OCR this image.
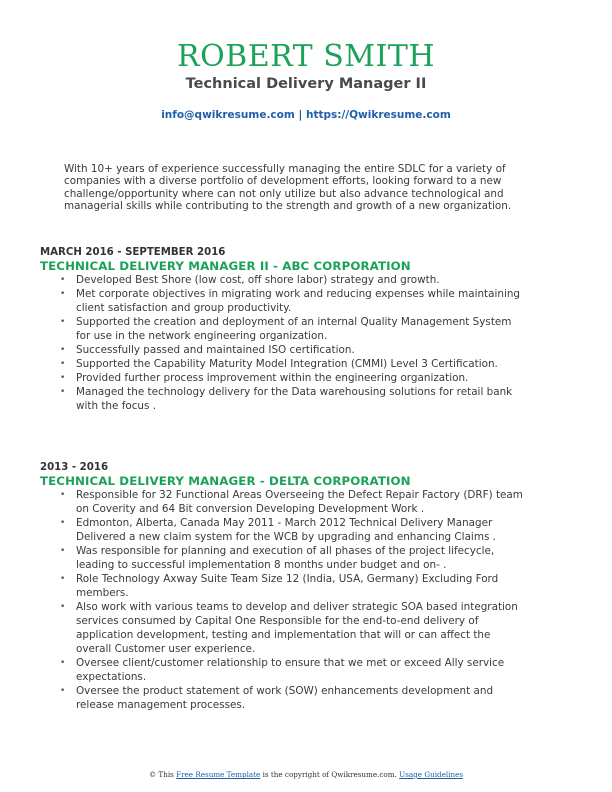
ROBERT SMITH
Technical Delivery Manager II
info@qwikresume.com | https://Qwikresume.com
With 10+ years of experience successfully managing the entire SDLC for a variety of companies with a diverse portfolio of development efforts, looking forward to a new challenge/opportunity where can not only utilize but also advance technological and managerial skills while contributing to the strength and growth of a new organization.
MARCH 2016 - SEPTEMBER 2016
TECHNICAL DELIVERY MANAGER II - ABC CORPORATION
• Developed Best Shore (low cost, off shore labor) strategy and growth.
• Met corporate objectives in migrating work and reducing expenses while maintaining client satisfaction and group productivity.
• Supported the creation and deployment of an internal Quality Management System for use in the network engineering organization.
• Successfully passed and maintained ISO certification.
• Supported the Capability Maturity Model Integration (CMMI) Level 3 Certification.
• Provided further process improvement within the engineering organization.
• Managed the technology delivery for the Data warehousing solutions for retail bank with the focus .
2013 - 2016
TECHNICAL DELIVERY MANAGER - DELTA CORPORATION
• Responsible for 32 Functional Areas Overseeing the Defect Repair Factory (DRF) team on Coverity and 64 Bit conversion Developing Development Work .
• Edmonton, Alberta, Canada May 2011 - March 2012 Technical Delivery Manager Delivered a new claim system for the WCB by upgrading and enhancing Claims .
• Was responsible for planning and execution of all phases of the project lifecycle, leading to successful implementation 8 months under budget and on- .
• Role Technology Axway Suite Team Size 12 (India, USA, Germany) Excluding Ford members.
• Also work with various teams to develop and deliver strategic SOA based integration services consumed by Capital One Responsible for the end-to-end delivery of application development, testing and implementation that will or can affect the overall Customer user experience.
• Oversee client/customer relationship to ensure that we met or exceed Ally service expectations.
• Oversee the product statement of work (SOW) enhancements development and release management processes.
© This Free Resume Template is the copyright of Qwikresume.com. Usage Guidelines
